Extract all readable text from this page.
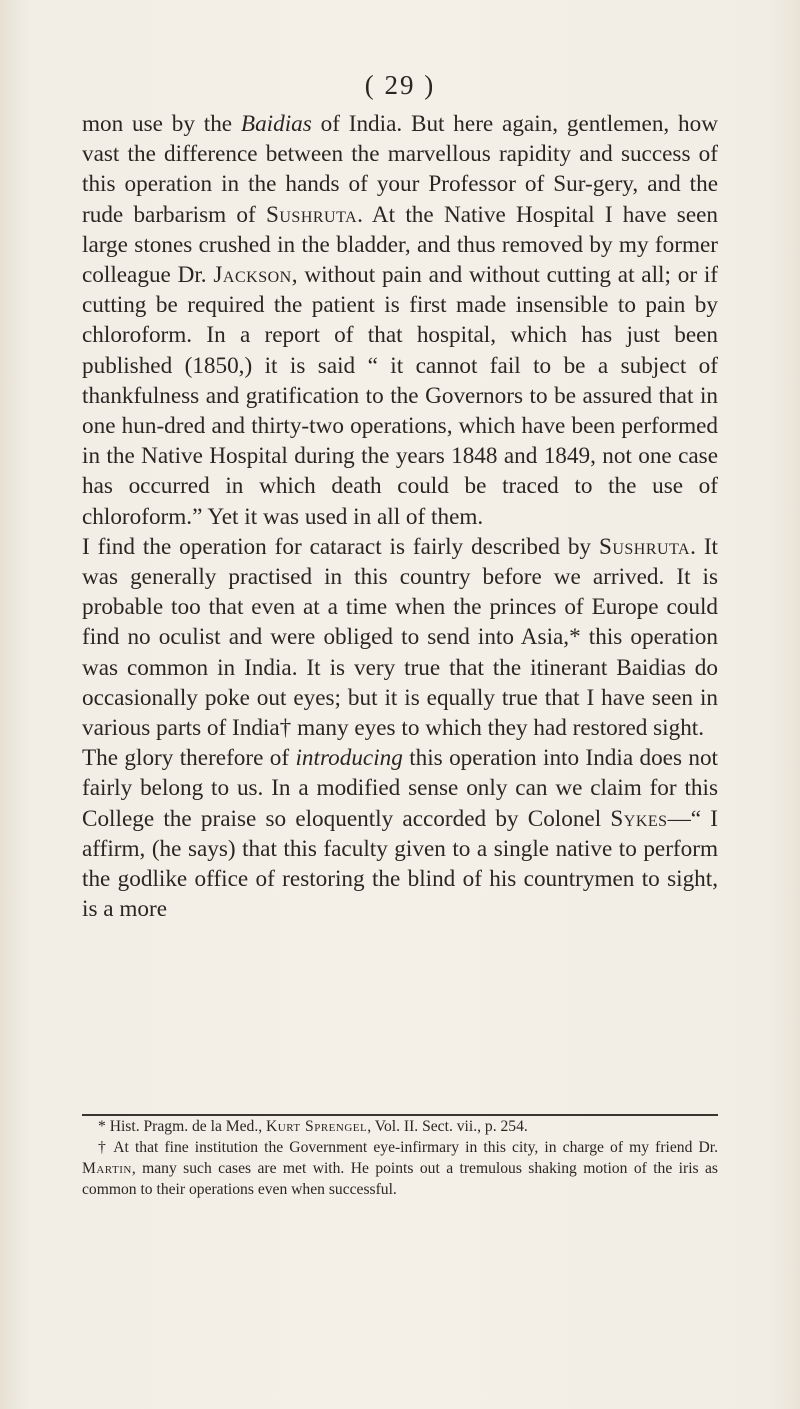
( 29 )

mon use by the Baidias of India. But here again, gentlemen, how vast the difference between the marvellous rapidity and success of this operation in the hands of your Professor of Sur-gery, and the rude barbarism of Sushruta. At the Native Hospital I have seen large stones crushed in the bladder, and thus removed by my former colleague Dr. Jackson, without pain and without cutting at all; or if cutting be required the patient is first made insensible to pain by chloroform. In a report of that hospital, which has just been published (1850,) it is said “ it cannot fail to be a subject of thankfulness and gratification to the Governors to be assured that in one hun-dred and thirty-two operations, which have been performed in the Native Hospital during the years 1848 and 1849, not one case has occurred in which death could be traced to the use of chloroform.” Yet it was used in all of them.

I find the operation for cataract is fairly described by Sushruta. It was generally practised in this country before we arrived. It is probable too that even at a time when the princes of Europe could find no oculist and were obliged to send into Asia,* this operation was common in India. It is very true that the itinerant Baidias do occasionally poke out eyes; but it is equally true that I have seen in various parts of India† many eyes to which they had restored sight.

The glory therefore of introducing this operation into India does not fairly belong to us. In a modified sense only can we claim for this College the praise so eloquently accorded by Colonel Sykes—“ I affirm, (he says) that this faculty given to a single native to perform the godlike office of restoring the blind of his countrymen to sight, is a more

* Hist. Pragm. de la Med., Kurt Sprengel, Vol. II. Sect. vii., p. 254.

† At that fine institution the Government eye-infirmary in this city, in charge of my friend Dr. Martin, many such cases are met with. He points out a tremulous shaking motion of the iris as common to their operations even when successful.
